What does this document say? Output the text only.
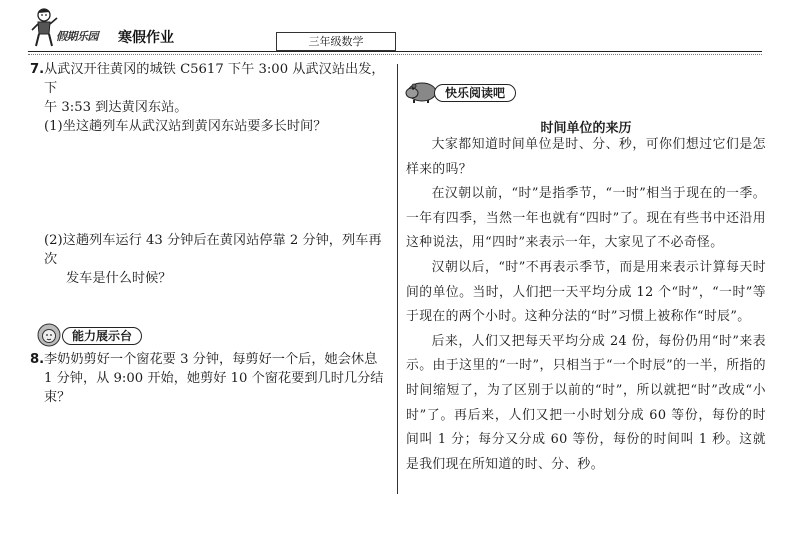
假期乐园 寒假作业	三年级数学
7. 从武汉开往黄冈的城铁 C5617 下午 3:00 从武汉站出发，下
午 3:53 到达黄冈东站。
(1)坐这趟列车从武汉站到黄冈东站要多长时间？
(2)这趟列车运行 43 分钟后在黄冈站停靠 2 分钟，列车再次
发车是什么时候？
能力展示台
8. 李奶奶剪好一个窗花要 3 分钟，每剪好一个后，她会休息
1 分钟，从 9:00 开始，她剪好 10 个窗花要到几时几分结束？
快乐阅读吧
时间单位的来历

大家都知道时间单位是时、分、秒，可你们想过它们是怎样来的吗？

在汉朝以前，“时”是指季节，“一时”相当于现在的一季。一年有四季，当然一年也就有“四时”了。现在有些书中还沿用这种说法，用“四时”来表示一年，大家见了不必奇怪。

汉朝以后，“时”不再表示季节，而是用来表示计算每天时间的单位。当时，人们把一天平均分成 12 个“时”，“一时”等于现在的两个小时。这种分法的“时”习惯上被称作“时辰”。

后来，人们又把每天平均分成 24 份，每份仍用“时”来表示。由于这里的“一时”，只相当于“一个时辰”的一半，所指的时间缩短了，为了区别于以前的“时”，所以就把“时”改成“小时”了。再后来，人们又把一小时划分成 60 等份，每份的时间叫 1 分；每分又分成 60 等份，每份的时间叫 1 秒。这就是我们现在所知道的时、分、秒。
